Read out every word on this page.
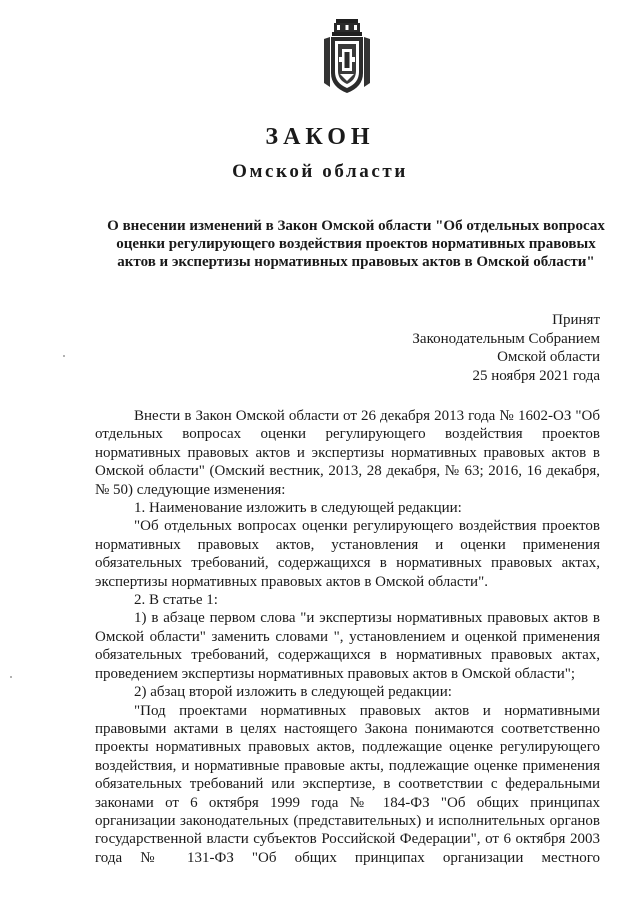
ЗАКОН
Омской области

О внесении изменений в Закон Омской области "Об отдельных вопросах оценки регулирующего воздействия проектов нормативных правовых актов и экспертизы нормативных правовых актов в Омской области"

Принят
Законодательным Собранием
Омской области
25 ноября 2021 года

Внести в Закон Омской области от 26 декабря 2013 года № 1602-ОЗ "Об отдельных вопросах оценки регулирующего воздействия проектов нормативных правовых актов и экспертизы нормативных правовых актов в Омской области" (Омский вестник, 2013, 28 декабря, № 63; 2016, 16 декабря, № 50) следующие изменения:

1. Наименование изложить в следующей редакции:

"Об отдельных вопросах оценки регулирующего воздействия проектов нормативных правовых актов, установления и оценки применения обязательных требований, содержащихся в нормативных правовых актах, экспертизы нормативных правовых актов в Омской области".

2. В статье 1:

1) в абзаце первом слова "и экспертизы нормативных правовых актов в Омской области" заменить словами ", установлением и оценкой применения обязательных требований, содержащихся в нормативных правовых актах, проведением экспертизы нормативных правовых актов в Омской области";

2) абзац второй изложить в следующей редакции:

"Под проектами нормативных правовых актов и нормативными правовыми актами в целях настоящего Закона понимаются соответственно проекты нормативных правовых актов, подлежащие оценке регулирующего воздействия, и нормативные правовые акты, подлежащие оценке применения обязательных требований или экспертизе, в соответствии с федеральными законами от 6 октября 1999 года № 184-ФЗ "Об общих принципах организации законодательных (представительных) и исполнительных органов государственной власти субъектов Российской Федерации", от 6 октября 2003 года № 131-ФЗ "Об общих принципах организации местного
